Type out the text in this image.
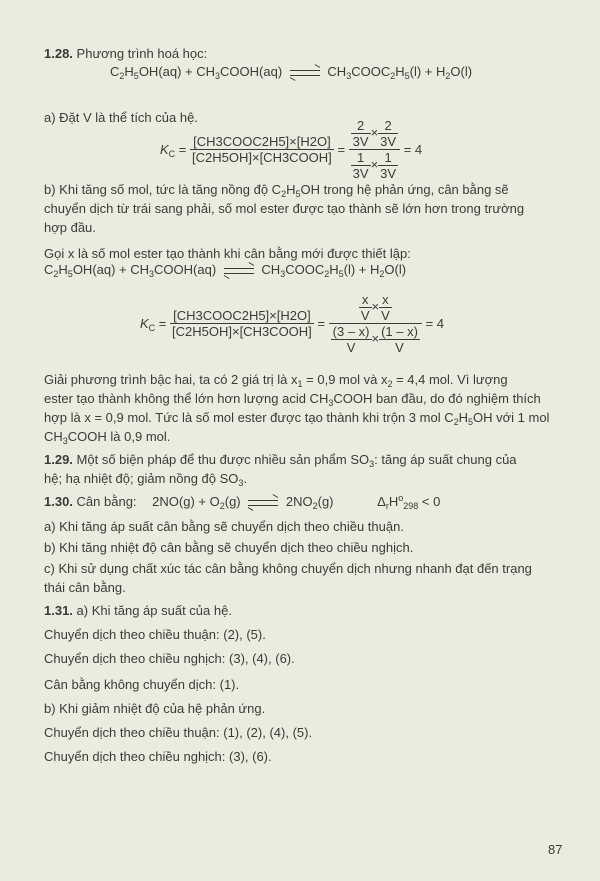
1.28. Phương trình hoá học:
$C_2H_5OH(aq)$ + $CH_3COOH(aq)$	$CH_3COOC_2H_5(l) + H_2O(l)$
a) Đặt V là thể tích của hệ.
$K_C = \frac{\text{[CH3COOC2H5]×[H2O]}}{\text{[C2H5OH]×[CH3COOH]}} = \frac{\frac{2}{3V} \times \frac{2}{3V}}{\frac{1}{3V} \times \frac{1}{3V}} = 4$
b) Khi tăng số mol, tức là tăng nồng độ $C_2H_5OH$ trong hệ phản ứng, cân bằng sẽ
chuyển dịch từ trái sang phải, số mol ester được tạo thành sẽ lớn hơn trong trường
hợp đầu.
Gọi x là số mol ester tạo thành khi cân bằng mới được thiết lập:
$C_2H_5OH(aq)$ + $CH_3COOH(aq)$	$CH_3COOC_2H_5(l) + H_2O(l)$
$K_C = \frac{\text{[CH3COOC2H5]×[H2O]}}{\text{[C2H5OH]×[CH3COOH]}} = \frac{\frac{x}{V} \times \frac{x}{V}}{\frac{(3 - x)}{V} \times \frac{(1 - x)}{V}} = 4$
Giải phương trình bậc hai, ta có 2 giá trị là $x_1 = 0,9$ mol và $x_2 = 4,4$ mol. Vì lượng
ester tạo thành không thể lớn hơn lượng acid $CH_3COOH$ ban đầu, do đó nghiệm thích
hợp là x = 0,9 mol. Tức là số mol ester được tạo thành khi trộn 3 mol $C_2H_5OH$ với 1 mol
$CH_3COOH$ là 0,9 mol.
1.29. Một số biện pháp để thu được nhiều sản phẩm $SO_3$: tăng áp suất chung của
hệ; hạ nhiệt độ; giảm nồng độ $SO_3$.
1.30. Cân bằng: $2NO(g) + O_2(g)$	$2NO_2(g)$	$\Delta_rH^o_{298} < 0$
a) Khi tăng áp suất cân bằng sẽ chuyển dịch theo chiều thuận.
b) Khi tăng nhiệt độ cân bằng sẽ chuyển dịch theo chiều nghịch.
c) Khi sử dụng chất xúc tác cân bằng không chuyển dịch nhưng nhanh đạt đến trạng
thái cân bằng.
1.31. a) Khi tăng áp suất của hệ.
Chuyển dịch theo chiều thuận: (2), (5).
Chuyển dịch theo chiều nghịch: (3), (4), (6).
Cân bằng không chuyển dịch: (1).
b) Khi giảm nhiệt độ của hệ phản ứng.
Chuyển dịch theo chiều thuận: (1), (2), (4), (5).
Chuyển dịch theo chiều nghịch: (3), (6).
87
